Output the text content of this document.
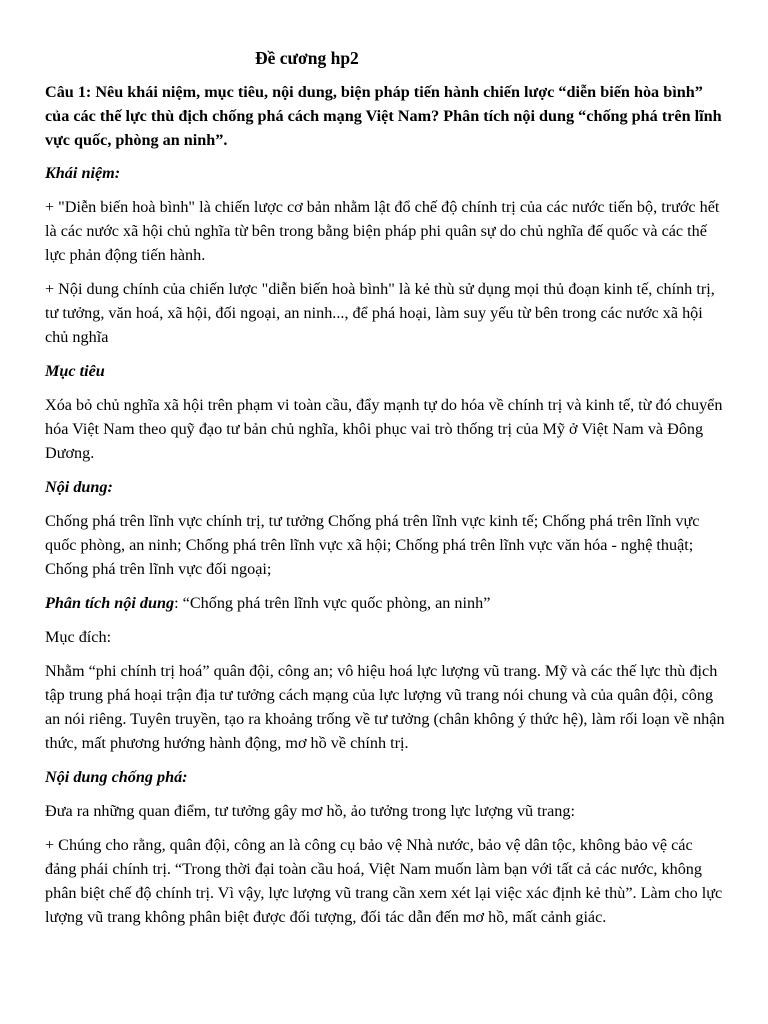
Đề cương hp2
Câu 1: Nêu khái niệm, mục tiêu, nội dung, biện pháp tiến hành chiến lược “diễn biến hòa bình” của các thế lực thù địch chống phá cách mạng Việt Nam? Phân tích nội dung “chống phá trên lĩnh vực quốc, phòng an ninh”.
Khái niệm:

+ "Diễn biến hoà bình" là chiến lược cơ bản nhằm lật đổ chế độ chính trị của các nước tiến bộ, trước hết là các nước xã hội chủ nghĩa từ bên trong bằng biện pháp phi quân sự do chủ nghĩa đế quốc và các thế lực phản động tiến hành.

+ Nội dung chính của chiến lược "diễn biến hoà bình" là kẻ thù sử dụng mọi thủ đoạn kinh tế, chính trị, tư tưởng, văn hoá, xã hội, đối ngoại, an ninh..., để phá hoại, làm suy yếu từ bên trong các nước xã hội chủ nghĩa

Mục tiêu

Xóa bỏ chủ nghĩa xã hội trên phạm vi toàn cầu, đẩy mạnh tự do hóa về chính trị và kinh tế, từ đó chuyển hóa Việt Nam theo quỹ đạo tư bản chủ nghĩa, khôi phục vai trò thống trị của Mỹ ở Việt Nam và Đông Dương.

Nội dung:

Chống phá trên lĩnh vực chính trị, tư tưởng Chống phá trên lĩnh vực kinh tế; Chống phá trên lĩnh vực quốc phòng, an ninh; Chống phá trên lĩnh vực xã hội; Chống phá trên lĩnh vực văn hóa - nghệ thuật; Chống phá trên lĩnh vực đối ngoại;

Phân tích nội dung: “Chống phá trên lĩnh vực quốc phòng, an ninh”

Mục đích:

Nhằm “phi chính trị hoá” quân đội, công an; vô hiệu hoá lực lượng vũ trang. Mỹ và các thế lực thù địch tập trung phá hoại trận địa tư tưởng cách mạng của lực lượng vũ trang nói chung và của quân đội, công an nói riêng. Tuyên truyền, tạo ra khoảng trống về tư tưởng (chân không ý thức hệ), làm rối loạn về nhận thức, mất phương hướng hành động, mơ hồ về chính trị.

Nội dung chống phá:

Đưa ra những quan điểm, tư tưởng gây mơ hồ, ảo tưởng trong lực lượng vũ trang:

+ Chúng cho rằng, quân đội, công an là công cụ bảo vệ Nhà nước, bảo vệ dân tộc, không bảo vệ các đảng phái chính trị. “Trong thời đại toàn cầu hoá, Việt Nam muốn làm bạn với tất cả các nước, không phân biệt chế độ chính trị. Vì vậy, lực lượng vũ trang cần xem xét lại việc xác định kẻ thù”. Làm cho lực lượng vũ trang không phân biệt được đối tượng, đối tác dẫn đến mơ hồ, mất cảnh giác.
